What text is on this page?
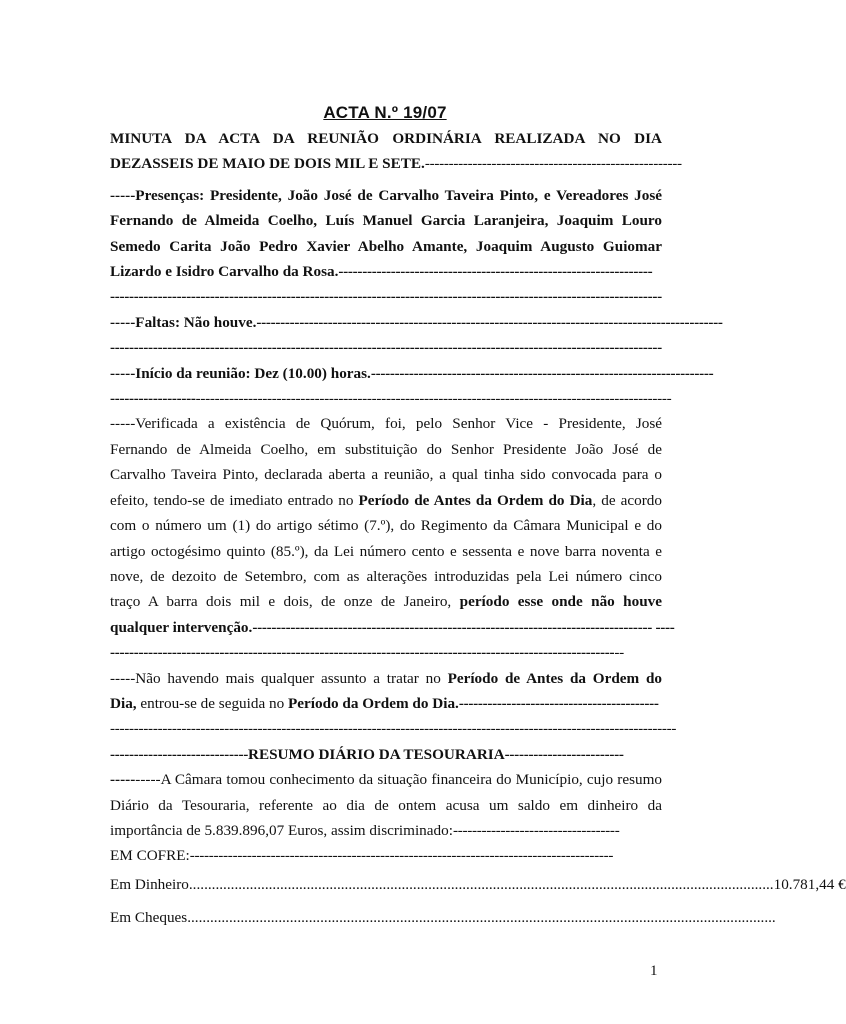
ACTA N.º 19/07
MINUTA DA ACTA DA REUNIÃO ORDINÁRIA REALIZADA NO DIA
DEZASSEIS DE MAIO DE DOIS MIL E SETE.------------------------------------------------------
-----Presenças: Presidente, João José de Carvalho Taveira Pinto, e Vereadores José
Fernando de Almeida Coelho, Luís Manuel Garcia Laranjeira, Joaquim Louro
Semedo Carita João Pedro Xavier Abelho Amante, Joaquim Augusto Guiomar
Lizardo e Isidro Carvalho da Rosa.------------------------------------------------------------------
--------------------------------------------------------------------------------------------------------------------
-----Faltas: Não houve.--------------------------------------------------------------------------------------------------
--------------------------------------------------------------------------------------------------------------------
-----Início da reunião: Dez (10.00) horas.------------------------------------------------------------------------
----------------------------------------------------------------------------------------------------------------------
-----Verificada a existência de Quórum, foi, pelo Senhor Vice - Presidente, José
Fernando de Almeida Coelho, em substituição do Senhor Presidente João José de
Carvalho Taveira Pinto, declarada aberta a reunião, a qual tinha sido convocada para o
efeito, tendo-se de imediato entrado no Período de Antes da Ordem do Dia, de acordo
com o número um (1) do artigo sétimo (7.º), do Regimento da Câmara Municipal e do
artigo octogésimo quinto (85.º), da Lei número cento e sessenta e nove barra noventa e
nove, de dezoito de Setembro, com as alterações introduzidas pela Lei número cinco
traço A barra dois mil e dois, de onze de Janeiro, período esse onde não houve
qualquer intervenção.------------------------------------------------------------------------------------ ----
------------------------------------------------------------------------------------------------------------
-----Não havendo mais qualquer assunto a tratar no Período de Antes da Ordem do
Dia, entrou-se de seguida no Período da Ordem do Dia.------------------------------------------
-----------------------------------------------------------------------------------------------------------------------
----------------------------- RESUMO DIÁRIO DA TESOURARIA -------------------------
----------A Câmara tomou conhecimento da situação financeira do Município, cujo resumo
Diário da Tesouraria, referente ao dia de ontem acusa um saldo em dinheiro da
importância de 5.839.896,07 Euros, assim discriminado:-----------------------------------
EM COFRE:-----------------------------------------------------------------------------------------
Em Dinheiro .......................................................................................................................................................... 10.781,44 €
Em Cheques ...........................................................................................................................................................
1
